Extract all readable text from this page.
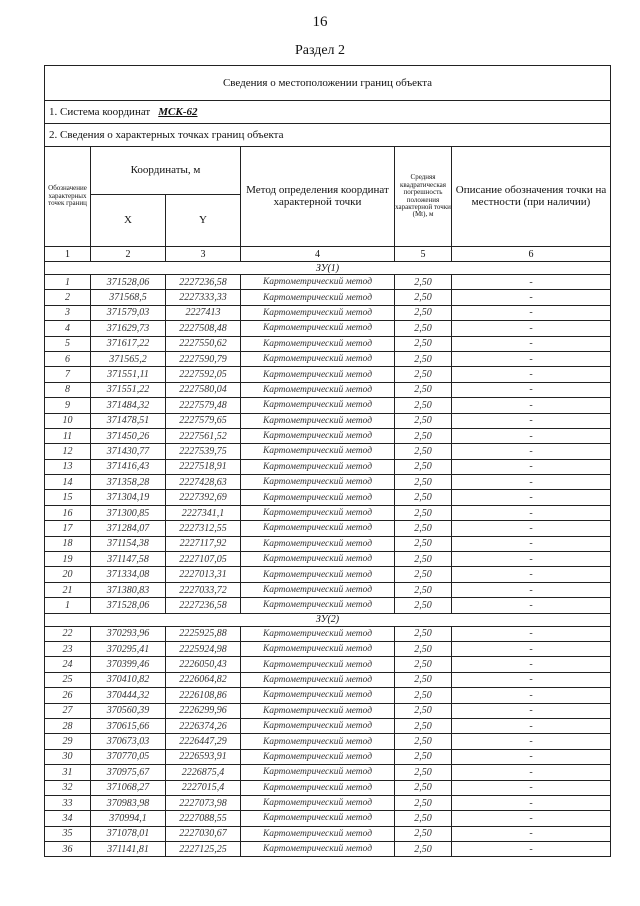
16
Раздел 2
Сведения о местоположении границ объекта					
1. Система координат МСК-62					
2. Сведения о характерных точках границ объекта					
Обозначение характерных точек границ	Координаты, м		Метод определения координат характерной точки	Средняя квадратическая погрешность положения характерной точки (Mt), м	Описание обозначения точки на местности (при наличии)
	X	Y			
1	2	3	4	5	6
ЗУ(1)					
1	371528,06	2227236,58	Картометрический метод	2,50	-
2	371568,5	2227333,33	Картометрический метод	2,50	-
3	371579,03	2227413	Картометрический метод	2,50	-
4	371629,73	2227508,48	Картометрический метод	2,50	-
5	371617,22	2227550,62	Картометрический метод	2,50	-
6	371565,2	2227590,79	Картометрический метод	2,50	-
7	371551,11	2227592,05	Картометрический метод	2,50	-
8	371551,22	2227580,04	Картометрический метод	2,50	-
9	371484,32	2227579,48	Картометрический метод	2,50	-
10	371478,51	2227579,65	Картометрический метод	2,50	-
11	371450,26	2227561,52	Картометрический метод	2,50	-
12	371430,77	2227539,75	Картометрический метод	2,50	-
13	371416,43	2227518,91	Картометрический метод	2,50	-
14	371358,28	2227428,63	Картометрический метод	2,50	-
15	371304,19	2227392,69	Картометрический метод	2,50	-
16	371300,85	2227341,1	Картометрический метод	2,50	-
17	371284,07	2227312,55	Картометрический метод	2,50	-
18	371154,38	2227117,92	Картометрический метод	2,50	-
19	371147,58	2227107,05	Картометрический метод	2,50	-
20	371334,08	2227013,31	Картометрический метод	2,50	-
21	371380,83	2227033,72	Картометрический метод	2,50	-
1	371528,06	2227236,58	Картометрический метод	2,50	-
ЗУ(2)					
22	370293,96	2225925,88	Картометрический метод	2,50	-
23	370295,41	2225924,98	Картометрический метод	2,50	-
24	370399,46	2226050,43	Картометрический метод	2,50	-
25	370410,82	2226064,82	Картометрический метод	2,50	-
26	370444,32	2226108,86	Картометрический метод	2,50	-
27	370560,39	2226299,96	Картометрический метод	2,50	-
28	370615,66	2226374,26	Картометрический метод	2,50	-
29	370673,03	2226447,29	Картометрический метод	2,50	-
30	370770,05	2226593,91	Картометрический метод	2,50	-
31	370975,67	2226875,4	Картометрический метод	2,50	-
32	371068,27	2227015,4	Картометрический метод	2,50	-
33	370983,98	2227073,98	Картометрический метод	2,50	-
34	370994,1	2227088,55	Картометрический метод	2,50	-
35	371078,01	2227030,67	Картометрический метод	2,50	-
36	371141,81	2227125,25	Картометрический метод	2,50	-
